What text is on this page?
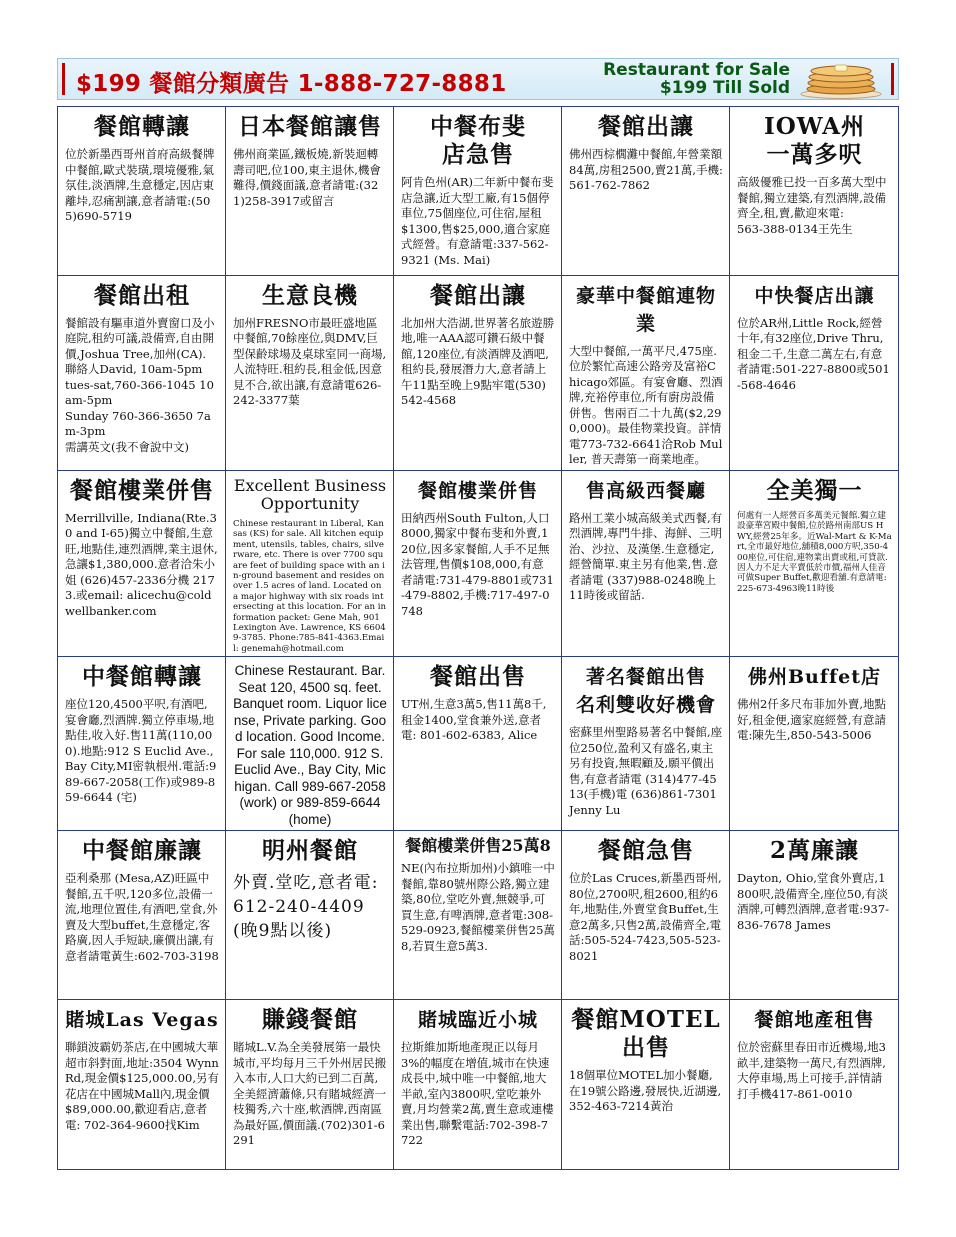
$199 餐館分類廣告 1-888-727-8881
Restaurant for Sale
$199 Till Sold
餐館轉讓
位於新墨西哥州首府高級餐牌中餐館,歐式裝璜,環境優雅,氣氛佳,淡酒牌,生意穩定,因店東離垰,忍痛割讓,意者請電:(505)690-5719
日本餐館讓售
佛州商業區,鐵板燒,新裝迴轉壽司吧,位100,東主退休,機會難得,價錢面議,意者請電:(321)258-3917或留言
中餐布斐
店急售
阿肯色州(AR)二年新中餐布斐店急讓,近大型工廠,有15個停車位,75個座位,可住宿,屋租$1300,售$25,000,適合家庭式經營。有意請電:337-562-9321 (Ms. Mai)
餐館出讓
佛州西棕櫚灘中餐館,年營業額84萬,房租2500,賣21萬,手機:561-762-7862
IOWA州
一萬多呎
高級優雅已投一百多萬大型中餐館,獨立建築,有烈酒牌,設備齊全,租,賣,歡迎來電:
563-388-0134王先生
餐館出租
餐館設有驅車道外賣窗口及小庭院,租約可議,設備齊,自由開價,Joshua Tree,加州(CA).
聯絡人David, 10am-5pm
tues-sat,760-366-1045 10am-5pm
Sunday 760-366-3650 7am-3pm
需講英文(我不會說中文)
生意良機
加州FRESNO市最旺盛地區中餐館,70餘座位,與DMV,巨型保齡球場及桌球室同一商場,人流特旺.租約長,租金低,因意見不合,欲出讓,有意請電626-242-3377葉
餐館出讓
北加州大浩湖,世界著名旅遊勝地,唯一AAA認可鑽石級中餐館,120座位,有淡酒牌及酒吧,租約長,發展潛力大,意者請上午11點至晚上9點牢電(530) 542-4568
豪華中餐館連物業
大型中餐館,一萬平尺,475座.位於繁忙高速公路旁及富裕Chicago郊區。有宴會廳、烈酒牌,充裕停車位,所有廚房設備併售。售兩百二十九萬($2,290,000)。最佳物業投資。詳情電773-732-6641洽Rob Muller, 普天壽第一商業地產。
中快餐店出讓
位於AR州,Little Rock,經營十年,有32座位,Drive Thru,租金二千,生意二萬左右,有意者請電:501-227-8800或501-568-4646
餐館樓業併售
Merrillville, Indiana(Rte.30 and I-65)獨立中餐館,生意旺,地點佳,連烈酒牌,業主退休,急讓$1,380,000.意者洽朱小姐 (626)457-2336分機 2173.或email: alicechu@coldwellbanker.com
Excellent Business
Opportunity
Chinese restaurant in Liberal, Kansas (KS) for sale. All kitchen equipment, utensils, tables, chairs, silverware, etc. There is over 7700 square feet of building space with an in-ground basement and resides on over 1.5 acres of land. Located on a major highway with six roads intersecting at this location. For an information packet: Gene Mah, 901 Lexington Ave. Lawrence, KS 66049-3785. Phone:785-841-4363.Email: genemah@hotmail.com
餐館樓業併售
田納西州South Fulton,人口8000,獨家中餐布斐和外賣,120位,因多家餐館,人手不足無法管理,售價$108,000,有意者請電:731-479-8801或731-479-8802,手機:717-497-0748
售高級西餐廳
路州工業小城高級美式西餐,有烈酒牌,專門牛排、海鮮、三明治、沙拉、及漢堡.生意穩定,經營簡單.東主另有他業,售.意者請電 (337)988-0248晚上11時後或留話.
全美獨一
何處有一人經營百多萬美元餐館.獨立建設豪華宮殿中餐館,位於路州南部US HWY,經營25年多。近Wal-Mart & K-Mart,全市最好地位,舖積8,000方呎,350-400座位,可住宿,連物業出賣或租,可貸款.因人力不足大平賣低於市價,福州人佳音可做Super Buffet,歡迎看舖.有意請電:225-673-4963晚11時後
中餐館轉讓
座位120,4500平呎,有酒吧,宴會廳,烈酒牌.獨立停車場,地點佳,收入好.售11萬(110,000).地點:912 S Euclid Ave., Bay City,MI密執根州.電話:989-667-2058(工作)或989-859-6644 (宅)
Chinese Restaurant. Bar. Seat 120, 4500 sq. feet. Banquet room. Liquor license, Private parking. Good location. Good Income. For sale 110,000. 912 S. Euclid Ave., Bay City, Michigan. Call 989-667-2058 (work) or 989-859-6644 (home)
餐館出售
UT州,生意3萬5,售11萬8千,租金1400,堂食兼外送,意者電: 801-602-6383, Alice
著名餐館出售
名利雙收好機會
密蘇里州聖路易著名中餐館,座位250位,盈利又有盛名,東主另有投資,無暇顧及,願平價出售,有意者請電 (314)477-4513(手機)電 (636)861-7301 Jenny Lu
佛州Buffet店
佛州2仟多尺布菲加外賣,地點好,租金便,適家庭經營,有意請電:陳先生,850-543-5006
中餐館廉讓
亞利桑那 (Mesa,AZ)旺區中餐館,五千呎,120多位,設備一流,地理位置佳,有酒吧,堂食,外賣及大型buffet,生意穩定,客路廣,因人手短缺,廉價出讓,有意者請電黃生:602-703-3198
明州餐館
外賣.堂吃,意者電:612-240-4409 (晚9點以後)
餐館樓業併售25萬8
NE(內布拉斯加州)小鎮唯一中餐館,靠80號州際公路,獨立建築,80位,堂吃外賣,無競爭,可買生意,有啤酒牌,意者電:308-529-0923,餐館樓業併售25萬8,若買生意5萬3.
餐館急售
位於Las Cruces,新墨西哥州,80位,2700呎,租2600,租約6年,地點佳,外賣堂食Buffet,生意2萬多,只售2萬,設備齊全,電話:505-524-7423,505-523-8021
2萬廉讓
Dayton, Ohio,堂食外賣店,1800呎,設備齊全,座位50,有淡酒牌,可轉烈酒牌,意者電:937-836-7678 James
賭城Las Vegas
聯鎖波霸奶茶店,在中國城大華超市斜對面,地址:3504 Wynn Rd,現金價$125,000.00,另有花店在中國城Mall內,現金價$89,000.00,歡迎看店,意者電: 702-364-9600找Kim
賺錢餐館
賭城L.V.為全美發展第一最快城市,平均每月三千外州居民搬入本市,人口大約已到二百萬,全美經濟蕭條,只有賭城經濟一枝獨秀,六十座,軟酒牌,西南區為最好區,價面議.(702)301-6291
賭城臨近小城
拉斯維加斯地產現正以每月3%的幅度在增值,城市在快速成長中,城中唯一中餐館,地大半畝,室內3800呎,堂吃兼外賣,月均營業2萬,賣生意或連樓業出售,聯繫電話:702-398-7722
餐館MOTEL
出售
18個單位MOTEL加小餐廳,在19號公路邊,發展快,近湖邊,352-463-7214黃治
餐館地產租售
位於密蘇里春田市近機場,地3畝半,建築物一萬尺,有烈酒牌,大停車場,馬上可接手,詳情請打手機417-861-0010
